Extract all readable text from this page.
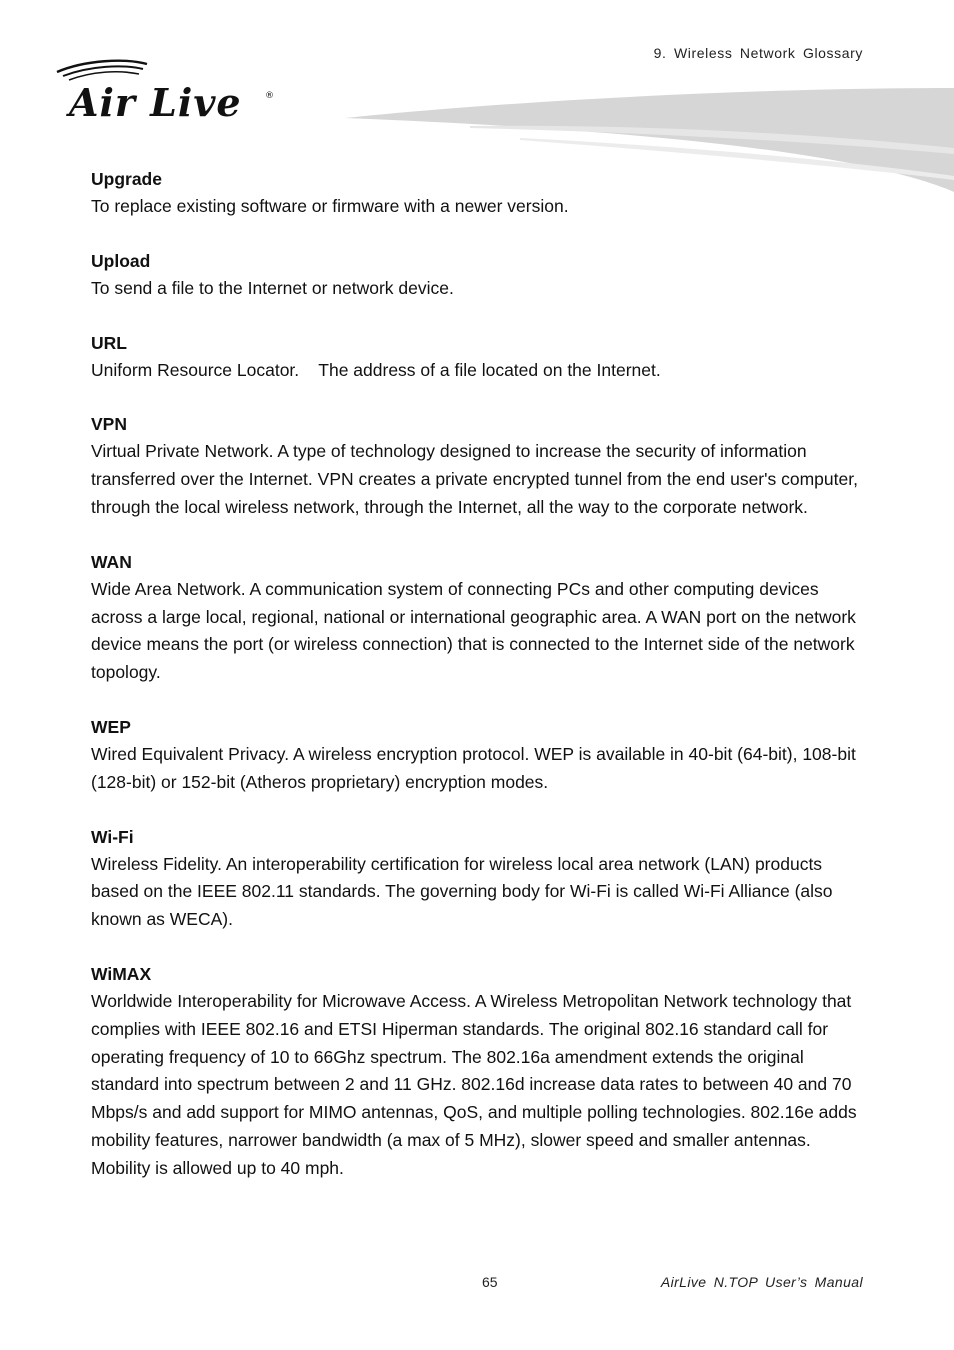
Air Live	®
9. Wireless Network Glossary
Upgrade

To replace existing software or firmware with a newer version.

Upload

To send a file to the Internet or network device.

URL

Uniform Resource Locator.    The address of a file located on the Internet.

VPN

Virtual Private Network. A type of technology designed to increase the security of information transferred over the Internet. VPN creates a private encrypted tunnel from the end user's computer, through the local wireless network, through the Internet, all the way to the corporate network.

WAN

Wide Area Network. A communication system of connecting PCs and other computing devices across a large local, regional, national or international geographic area. A WAN port on the network device means the port (or wireless connection) that is connected to the Internet side of the network topology.

WEP

Wired Equivalent Privacy. A wireless encryption protocol. WEP is available in 40-bit (64-bit), 108-bit (128-bit) or 152-bit (Atheros proprietary) encryption modes.

Wi-Fi

Wireless Fidelity. An interoperability certification for wireless local area network (LAN) products based on the IEEE 802.11 standards. The governing body for Wi-Fi is called Wi-Fi Alliance (also known as WECA).

WiMAX

Worldwide Interoperability for Microwave Access. A Wireless Metropolitan Network technology that complies with IEEE 802.16 and ETSI Hiperman standards. The original 802.16 standard call for operating frequency of 10 to 66Ghz spectrum. The 802.16a amendment extends the original standard into spectrum between 2 and 11 GHz. 802.16d increase data rates to between 40 and 70 Mbps/s and add support for MIMO antennas, QoS, and multiple polling technologies. 802.16e adds mobility features, narrower bandwidth (a max of 5 MHz), slower speed and smaller antennas. Mobility is allowed up to 40 mph.

65	AirLive N.TOP User’s Manual
